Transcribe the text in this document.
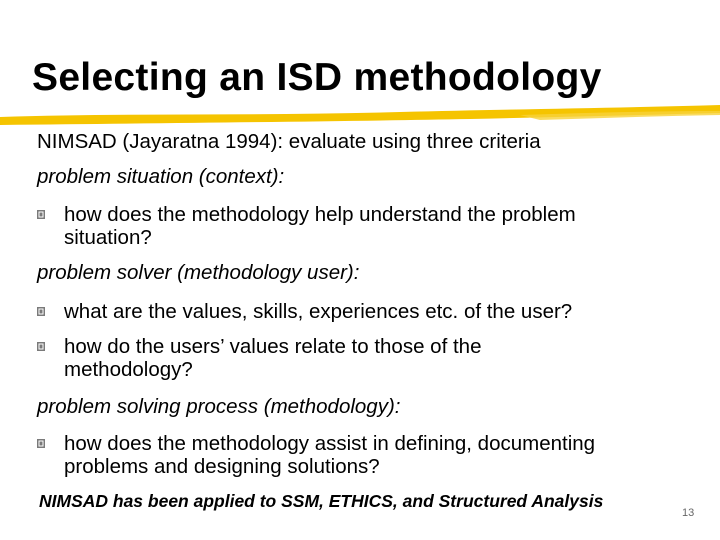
Selecting an ISD methodology
NIMSAD (Jayaratna 1994): evaluate using three criteria
problem situation (context):
how does the methodology help understand the problem
situation?
problem solver (methodology user):
what are the values, skills, experiences etc. of the user?
how do the users’ values relate to those of the
methodology?
problem solving process (methodology):
how does the methodology assist in defining, documenting
problems and designing solutions?
NIMSAD has been applied to SSM, ETHICS, and Structured Analysis
13
